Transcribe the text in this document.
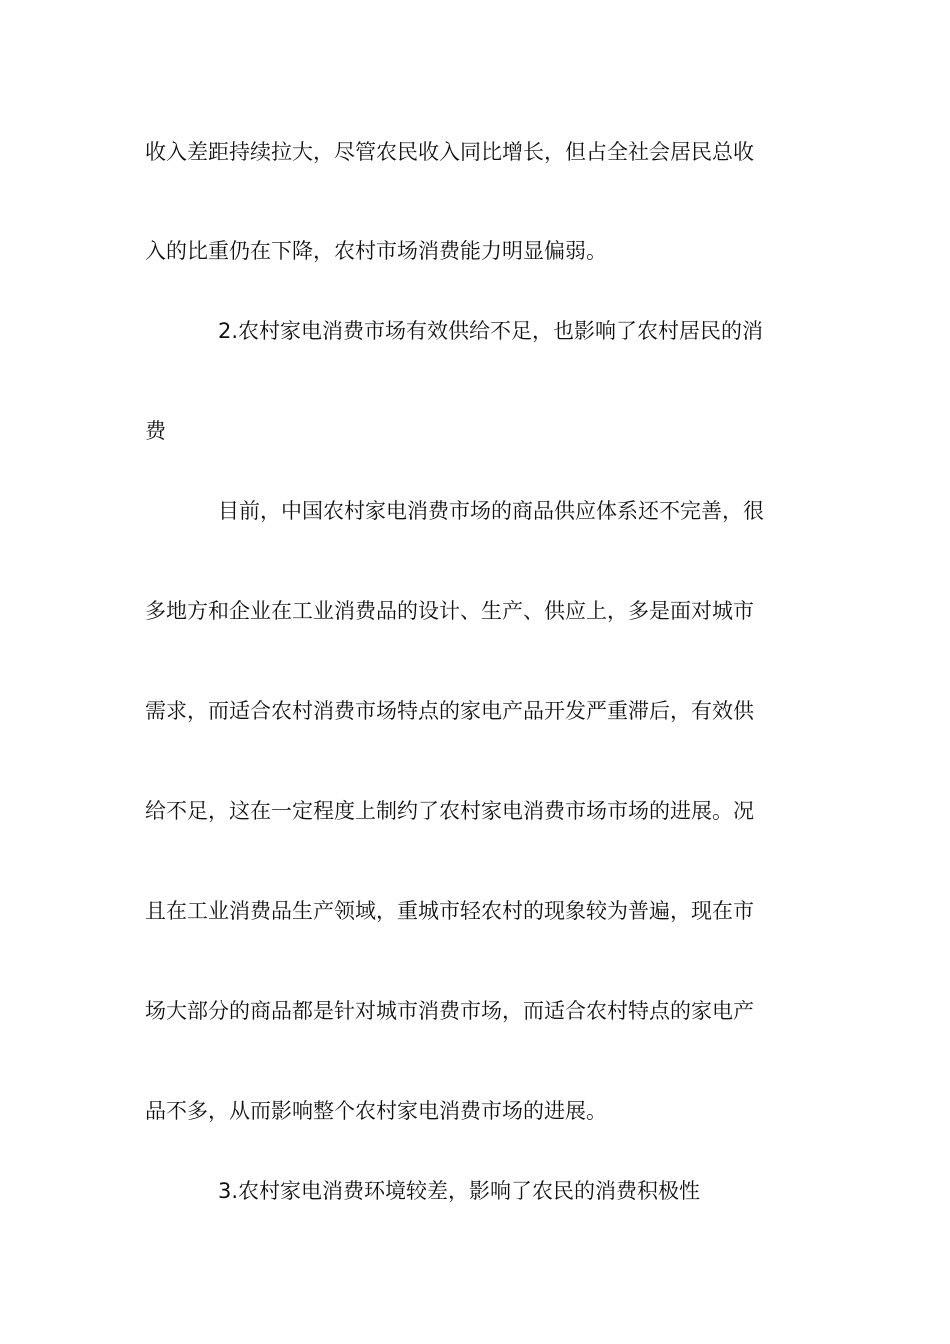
收入差距持续拉大，尽管农民收入同比增长，但占全社会居民总收
入的比重仍在下降，农村市场消费能力明显偏弱。
2.农村家电消费市场有效供给不足，也影响了农村居民的消
费
目前，中国农村家电消费市场的商品供应体系还不完善，很
多地方和企业在工业消费品的设计、生产、供应上，多是面对城市
需求，而适合农村消费市场特点的家电产品开发严重滞后，有效供
给不足，这在一定程度上制约了农村家电消费市场市场的进展。况
且在工业消费品生产领域，重城市轻农村的现象较为普遍，现在市
场大部分的商品都是针对城市消费市场，而适合农村特点的家电产
品不多，从而影响整个农村家电消费市场的进展。
3.农村家电消费环境较差，影响了农民的消费积极性
